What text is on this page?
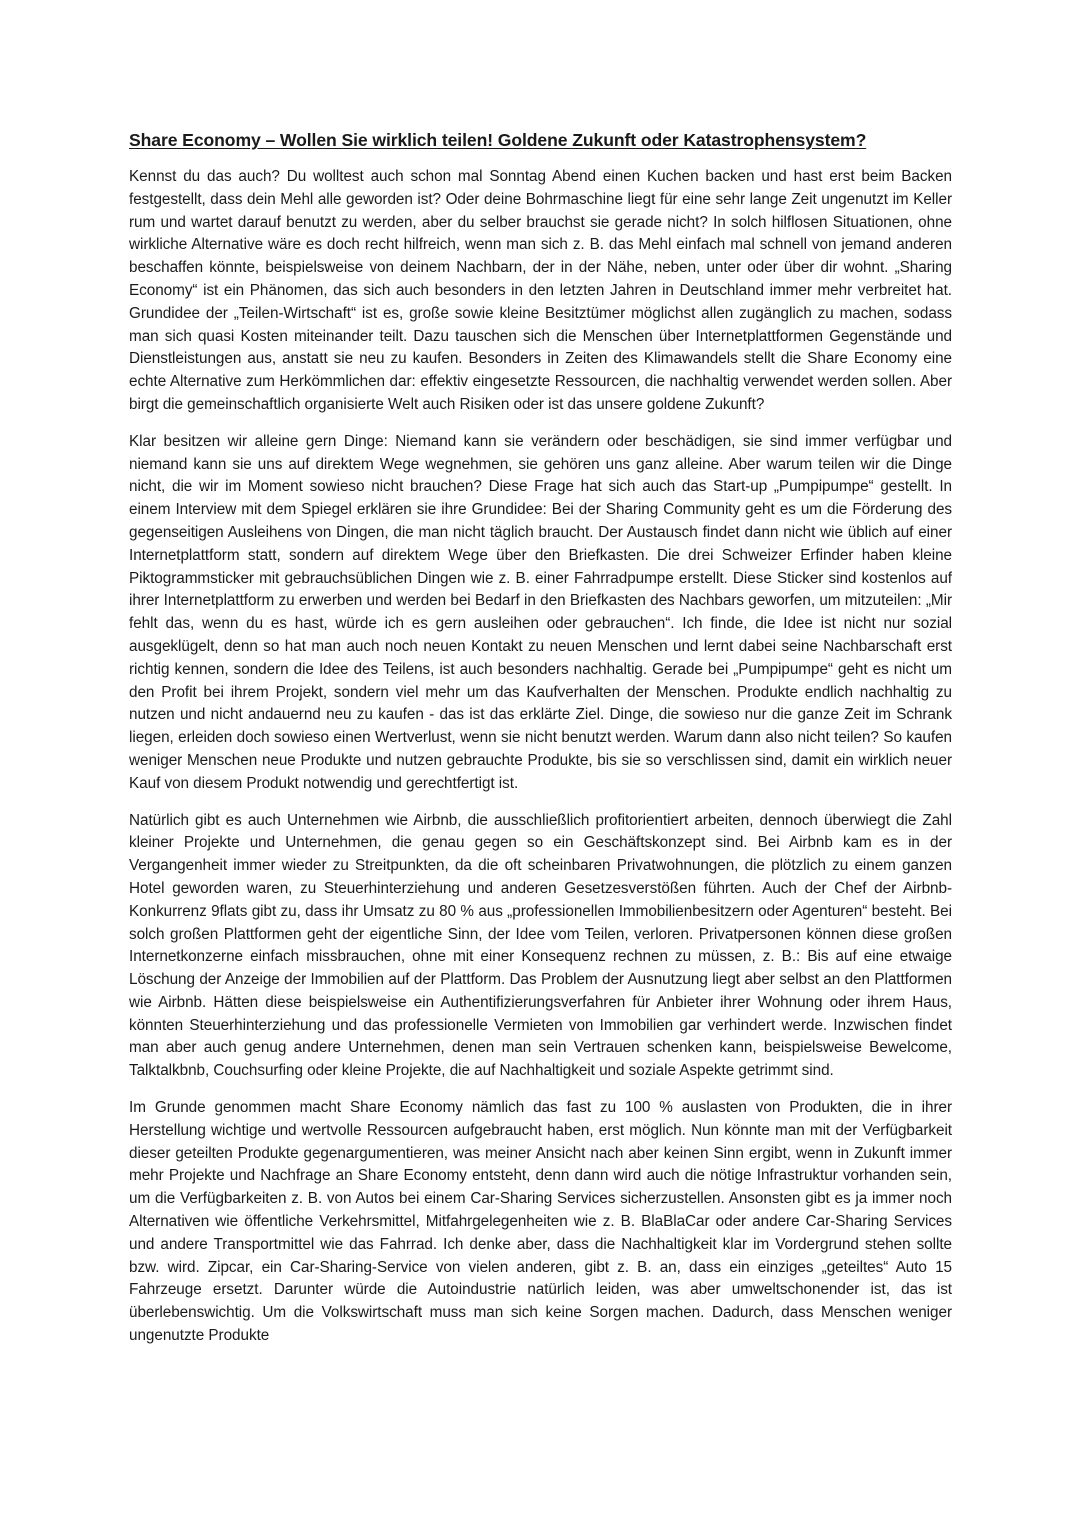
Share Economy – Wollen Sie wirklich teilen! Goldene Zukunft oder Katastrophensystem?

Kennst du das auch? Du wolltest auch schon mal Sonntag Abend einen Kuchen backen und hast erst beim Backen festgestellt, dass dein Mehl alle geworden ist? Oder deine Bohrmaschine liegt für eine sehr lange Zeit ungenutzt im Keller rum und wartet darauf benutzt zu werden, aber du selber brauchst sie gerade nicht? In solch hilflosen Situationen, ohne wirkliche Alternative wäre es doch recht hilfreich, wenn man sich z. B. das Mehl einfach mal schnell von jemand anderen beschaffen könnte, beispielsweise von deinem Nachbarn, der in der Nähe, neben, unter oder über dir wohnt. „Sharing Economy“ ist ein Phänomen, das sich auch besonders in den letzten Jahren in Deutschland immer mehr verbreitet hat. Grundidee der „Teilen-Wirtschaft“ ist es, große sowie kleine Besitztümer möglichst allen zugänglich zu machen, sodass man sich quasi Kosten miteinander teilt. Dazu tauschen sich die Menschen über Internetplattformen Gegenstände und Dienstleistungen aus, anstatt sie neu zu kaufen. Besonders in Zeiten des Klimawandels stellt die Share Economy eine echte Alternative zum Herkömmlichen dar: effektiv eingesetzte Ressourcen, die nachhaltig verwendet werden sollen. Aber birgt die gemeinschaftlich organisierte Welt auch Risiken oder ist das unsere goldene Zukunft?

Klar besitzen wir alleine gern Dinge: Niemand kann sie verändern oder beschädigen, sie sind immer verfügbar und niemand kann sie uns auf direktem Wege wegnehmen, sie gehören uns ganz alleine. Aber warum teilen wir die Dinge nicht, die wir im Moment sowieso nicht brauchen? Diese Frage hat sich auch das Start-up „Pumpipumpe“ gestellt. In einem Interview mit dem Spiegel erklären sie ihre Grundidee: Bei der Sharing Community geht es um die Förderung des gegenseitigen Ausleihens von Dingen, die man nicht täglich braucht. Der Austausch findet dann nicht wie üblich auf einer Internetplattform statt, sondern auf direktem Wege über den Briefkasten. Die drei Schweizer Erfinder haben kleine Piktogrammsticker mit gebrauchsüblichen Dingen wie z. B. einer Fahrradpumpe erstellt. Diese Sticker sind kostenlos auf ihrer Internetplattform zu erwerben und werden bei Bedarf in den Briefkasten des Nachbars geworfen, um mitzuteilen: „Mir fehlt das, wenn du es hast, würde ich es gern ausleihen oder gebrauchen“. Ich finde, die Idee ist nicht nur sozial ausgeklügelt, denn so hat man auch noch neuen Kontakt zu neuen Menschen und lernt dabei seine Nachbarschaft erst richtig kennen, sondern die Idee des Teilens, ist auch besonders nachhaltig. Gerade bei „Pumpipumpe“ geht es nicht um den Profit bei ihrem Projekt, sondern viel mehr um das Kaufverhalten der Menschen. Produkte endlich nachhaltig zu nutzen und nicht andauernd neu zu kaufen - das ist das erklärte Ziel. Dinge, die sowieso nur die ganze Zeit im Schrank liegen, erleiden doch sowieso einen Wertverlust, wenn sie nicht benutzt werden. Warum dann also nicht teilen? So kaufen weniger Menschen neue Produkte und nutzen gebrauchte Produkte, bis sie so verschlissen sind, damit ein wirklich neuer Kauf von diesem Produkt notwendig und gerechtfertigt ist.

Natürlich gibt es auch Unternehmen wie Airbnb, die ausschließlich profitorientiert arbeiten, dennoch überwiegt die Zahl kleiner Projekte und Unternehmen, die genau gegen so ein Geschäftskonzept sind. Bei Airbnb kam es in der Vergangenheit immer wieder zu Streitpunkten, da die oft scheinbaren Privatwohnungen, die plötzlich zu einem ganzen Hotel geworden waren, zu Steuerhinterziehung und anderen Gesetzesverstößen führten. Auch der Chef der Airbnb-Konkurrenz 9flats gibt zu, dass ihr Umsatz zu 80 % aus „professionellen Immobilienbesitzern oder Agenturen“ besteht. Bei solch großen Plattformen geht der eigentliche Sinn, der Idee vom Teilen, verloren. Privatpersonen können diese großen Internetkonzerne einfach missbrauchen, ohne mit einer Konsequenz rechnen zu müssen, z. B.: Bis auf eine etwaige Löschung der Anzeige der Immobilien auf der Plattform. Das Problem der Ausnutzung liegt aber selbst an den Plattformen wie Airbnb. Hätten diese beispielsweise ein Authentifizierungsverfahren für Anbieter ihrer Wohnung oder ihrem Haus, könnten Steuerhinterziehung und das professionelle Vermieten von Immobilien gar verhindert werde. Inzwischen findet man aber auch genug andere Unternehmen, denen man sein Vertrauen schenken kann, beispielsweise Bewelcome, Talktalkbnb, Couchsurfing oder kleine Projekte, die auf Nachhaltigkeit und soziale Aspekte getrimmt sind.

Im Grunde genommen macht Share Economy nämlich das fast zu 100 % auslasten von Produkten, die in ihrer Herstellung wichtige und wertvolle Ressourcen aufgebraucht haben, erst möglich. Nun könnte man mit der Verfügbarkeit dieser geteilten Produkte gegenargumentieren, was meiner Ansicht nach aber keinen Sinn ergibt, wenn in Zukunft immer mehr Projekte und Nachfrage an Share Economy entsteht, denn dann wird auch die nötige Infrastruktur vorhanden sein, um die Verfügbarkeiten z. B. von Autos bei einem Car-Sharing Services sicherzustellen. Ansonsten gibt es ja immer noch Alternativen wie öffentliche Verkehrsmittel, Mitfahrgelegenheiten wie z. B. BlaBlaCar oder andere Car-Sharing Services und andere Transportmittel wie das Fahrrad. Ich denke aber, dass die Nachhaltigkeit klar im Vordergrund stehen sollte bzw. wird. Zipcar, ein Car-Sharing-Service von vielen anderen, gibt z. B. an, dass ein einziges „geteiltes“ Auto 15 Fahrzeuge ersetzt. Darunter würde die Autoindustrie natürlich leiden, was aber umweltschonender ist, das ist überlebenswichtig. Um die Volkswirtschaft muss man sich keine Sorgen machen. Dadurch, dass Menschen weniger ungenutzte Produkte
